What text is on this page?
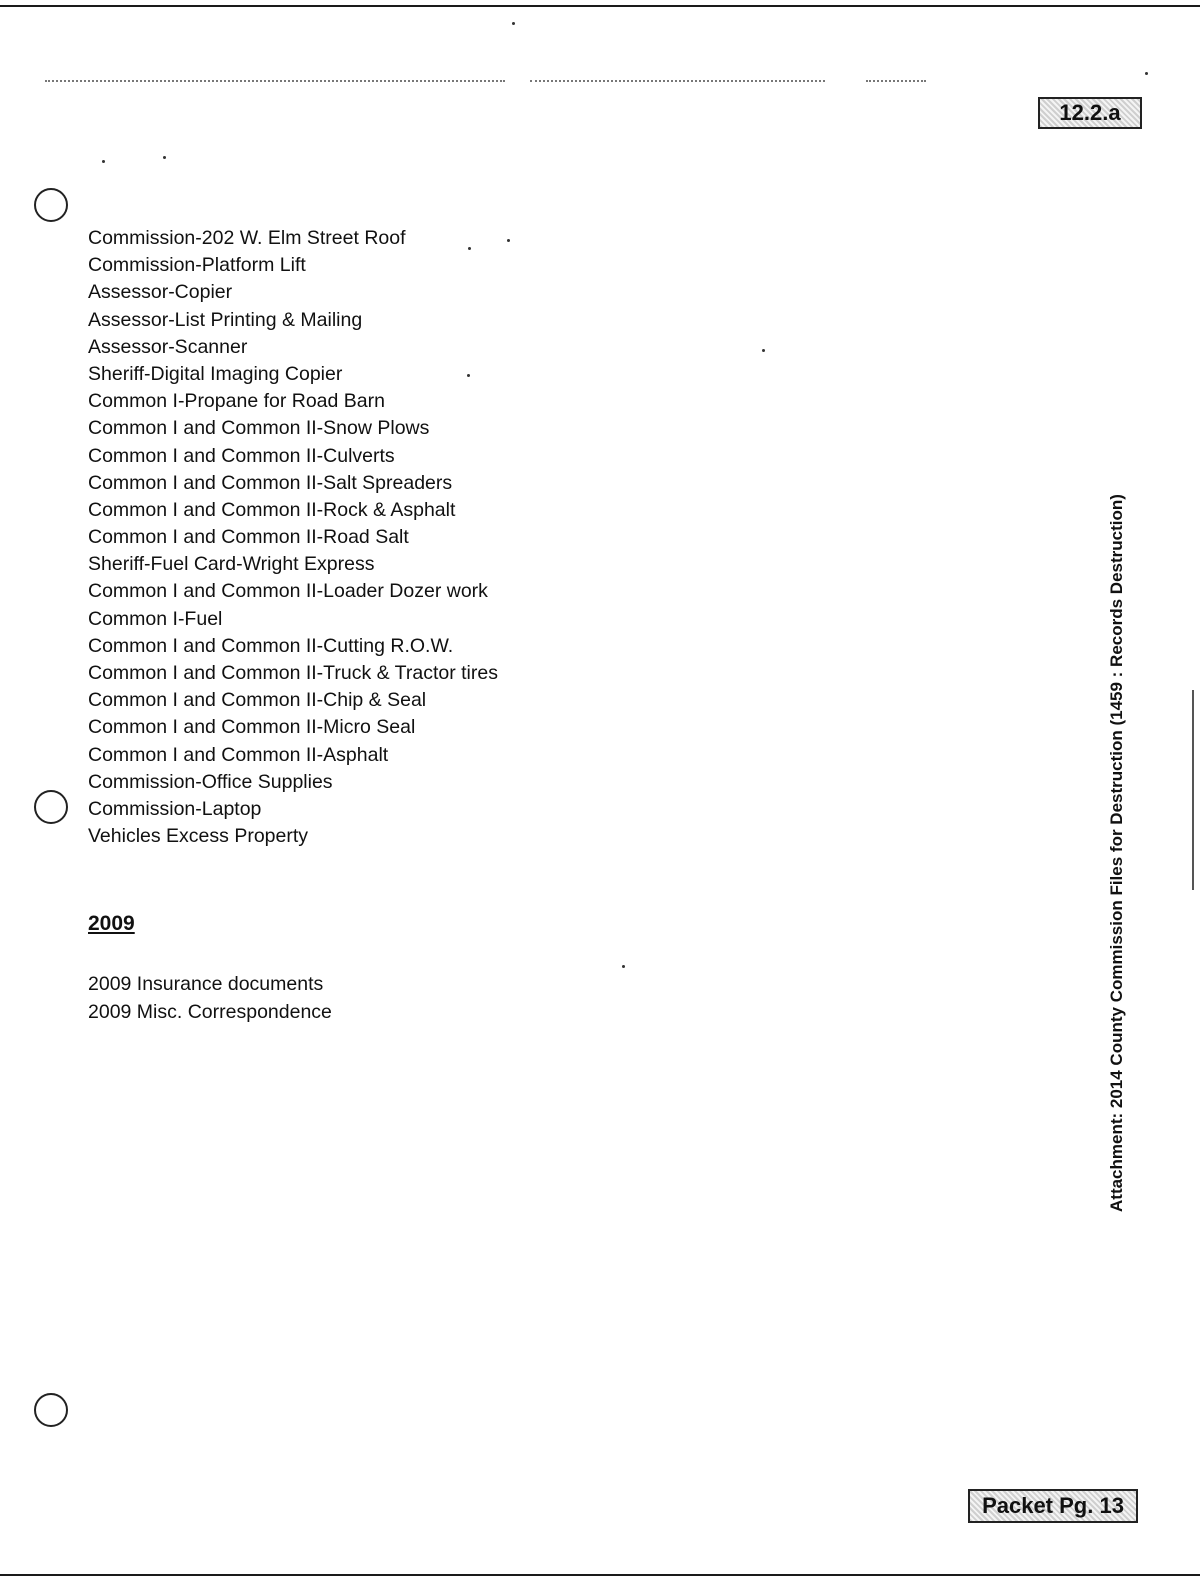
12.2.a
Commission-202 W. Elm Street Roof
Commission-Platform Lift
Assessor-Copier
Assessor-List Printing & Mailing
Assessor-Scanner
Sheriff-Digital Imaging Copier
Common I-Propane for Road Barn
Common I and Common II-Snow Plows
Common I and Common II-Culverts
Common I and Common II-Salt Spreaders
Common I and Common II-Rock & Asphalt
Common I and Common II-Road Salt
Sheriff-Fuel Card-Wright Express
Common I and Common II-Loader Dozer work
Common I-Fuel
Common I and Common II-Cutting R.O.W.
Common I and Common II-Truck & Tractor tires
Common I and Common II-Chip & Seal
Common I and Common II-Micro Seal
Common I and Common II-Asphalt
Commission-Office Supplies
Commission-Laptop
Vehicles Excess Property
2009
2009 Insurance documents
2009 Misc. Correspondence	Attachment: 2014 County Commission Files for Destruction (1459 : Records Destruction)
Packet Pg. 13
